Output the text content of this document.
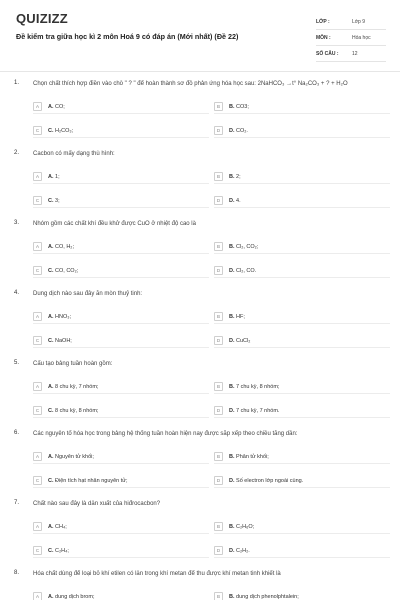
QUIZIZZ
Đề kiểm tra giữa học kì 2 môn Hoá 9 có đáp án (Mới nhất) (Đề 22)
LỚP :	Lớp 9
MÔN :	Hóa học
SỐ CÂU :	12
1. Chọn chất thích hợp điền vào chỗ " ? " để hoàn thành sơ đồ phản ứng hóa học sau: 2NaHCO₃ →t° Na₂CO₃ + ? + H₂O
A	A. CO;	B	B. CO3;
C	C. H₂CO₃;	D	D. CO₂.
2. Cacbon có mấy dạng thù hình:
A	A. 1;	B	B. 2;
C	C. 3;	D	D. 4.
3. Nhóm gồm các chất khí đều khử được CuO ở nhiệt độ cao là
A	A. CO, H₂;	B	B. Cl₂, CO₂;
C	C. CO, CO₂;	D	D. Cl₂, CO.
4. Dung dịch nào sau đây ăn mòn thuỷ tinh:
A	A. HNO₃;	B	B. HF;
C	C. NaOH;	D	D. CuCl₂
5. Cấu tạo bảng tuần hoàn gồm:
A	A. 8 chu kỳ, 7 nhóm;	B	B. 7 chu kỳ, 8 nhóm;
C	C. 8 chu kỳ, 8 nhóm;	D	D. 7 chu kỳ, 7 nhóm.
6. Các nguyên tố hóa học trong bảng hệ thống tuần hoàn hiện nay được sắp xếp theo chiều tăng dần:
A	A. Nguyên tử khối;	B	B. Phân tử khối;
C	C. Điện tích hạt nhân nguyên tử;	D	D. Số electron lớp ngoài cùng.
7. Chất nào sau đây là dẫn xuất của hiđrocacbon?
A	A. CH₄;	B	B. C₂H₆O;
C	C. C₂H₄;	D	D. C₂H₂.
8. Hóa chất dùng để loại bỏ khí etilen có lẫn trong khí metan để thu được khí metan tinh khiết là
A	A. dung dịch brom;	B	B. dung dịch phenolphtalein;
